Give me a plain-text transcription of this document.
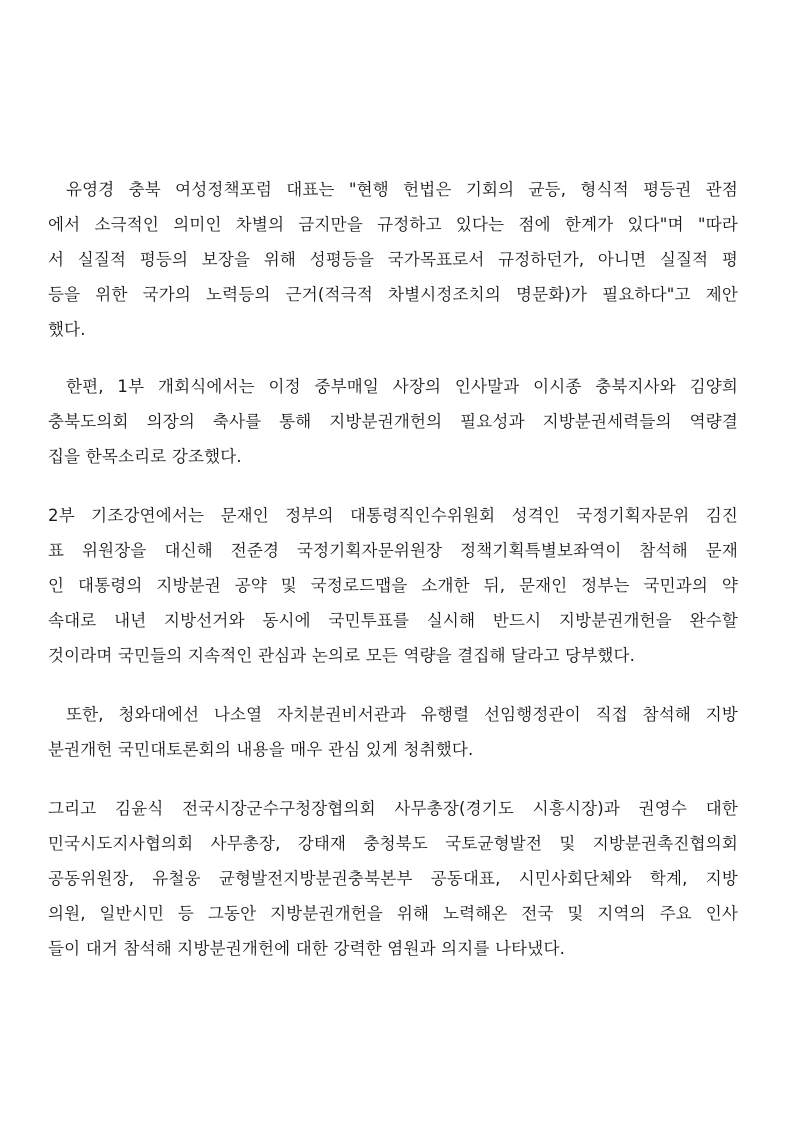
유영경 충북 여성정책포럼 대표는 "현행 헌법은 기회의 균등, 형식적 평등권 관점
에서 소극적인 의미인 차별의 금지만을 규정하고 있다는 점에 한계가 있다"며 "따라
서 실질적 평등의 보장을 위해 성평등을 국가목표로서 규정하던가, 아니면 실질적 평
등을 위한 국가의 노력등의 근거(적극적 차별시정조치의 명문화)가 필요하다"고 제안
했다.

한편, 1부 개회식에서는 이정 중부매일 사장의 인사말과 이시종 충북지사와 김양희
충북도의회 의장의 축사를 통해 지방분권개헌의 필요성과 지방분권세력들의 역량결
집을 한목소리로 강조했다.

2부 기조강연에서는 문재인 정부의 대통령직인수위원회 성격인 국정기획자문위 김진
표 위원장을 대신해 전준경 국정기획자문위원장 정책기획특별보좌역이 참석해 문재
인 대통령의 지방분권 공약 및 국정로드맵을 소개한 뒤, 문재인 정부는 국민과의 약
속대로 내년 지방선거와 동시에 국민투표를 실시해 반드시 지방분권개헌을 완수할
것이라며 국민들의 지속적인 관심과 논의로 모든 역량을 결집해 달라고 당부했다.

또한, 청와대에선 나소열 자치분권비서관과 유행렬 선임행정관이 직접 참석해 지방
분권개헌 국민대토론회의 내용을 매우 관심 있게 청취했다.

그리고 김윤식 전국시장군수구청장협의회 사무총장(경기도 시흥시장)과 권영수 대한
민국시도지사협의회 사무총장, 강태재 충청북도 국토균형발전 및 지방분권촉진협의회
공동위원장, 유철웅 균형발전지방분권충북본부 공동대표, 시민사회단체와 학계, 지방
의원, 일반시민 등 그동안 지방분권개헌을 위해 노력해온 전국 및 지역의 주요 인사
들이 대거 참석해 지방분권개헌에 대한 강력한 염원과 의지를 나타냈다.
